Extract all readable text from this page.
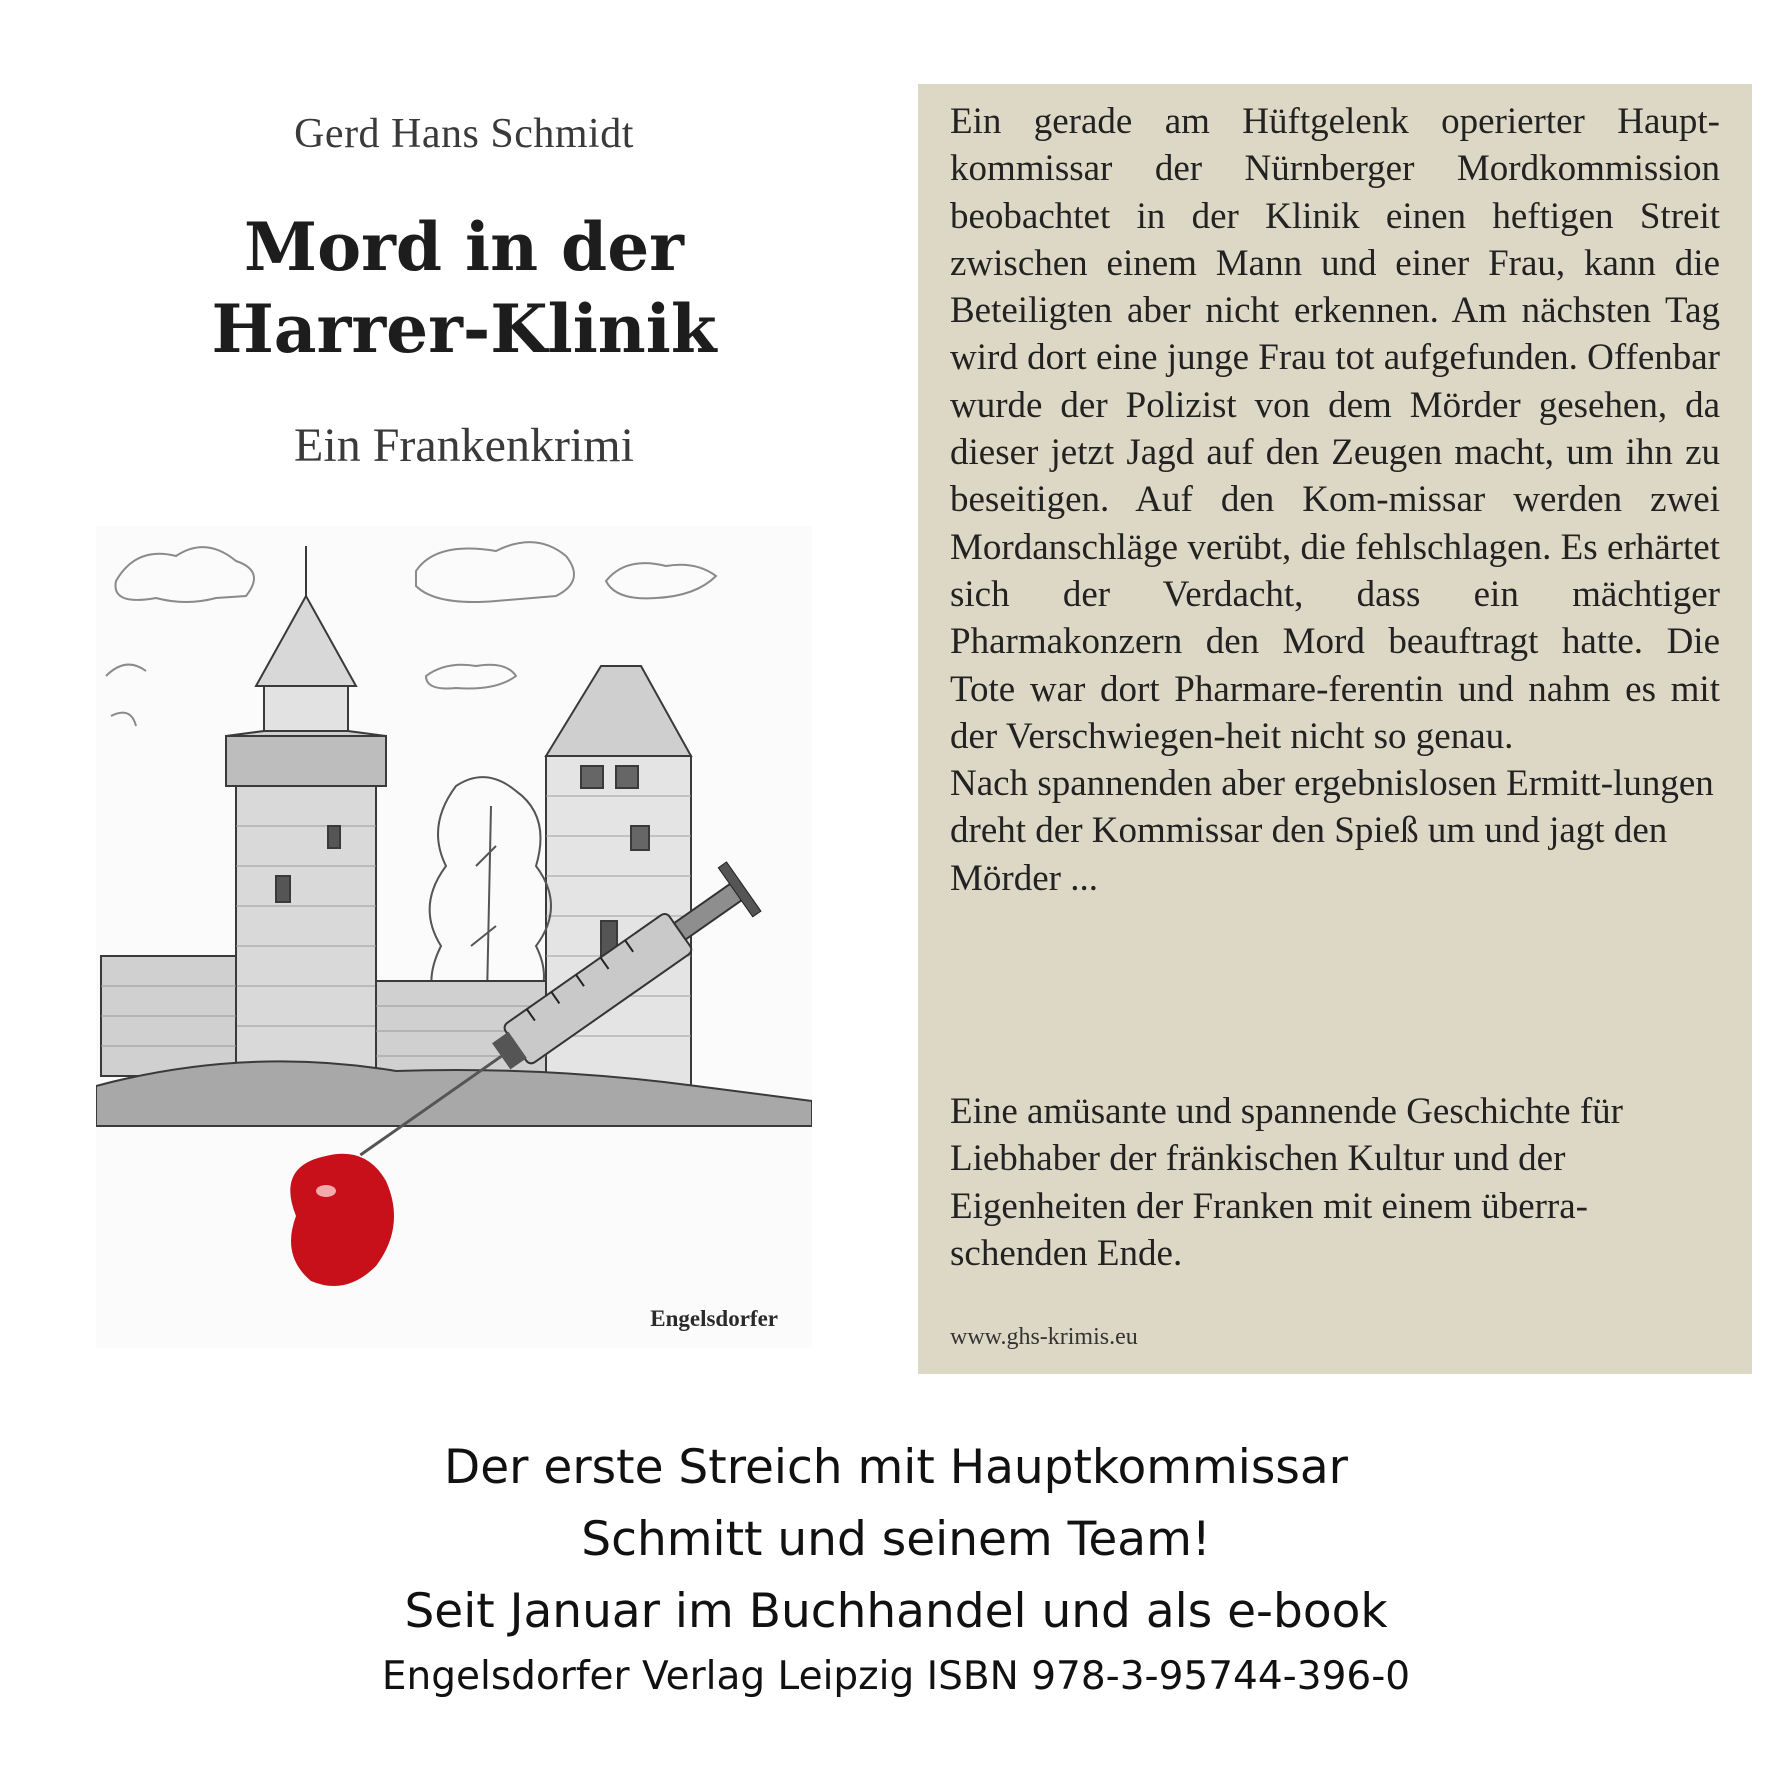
Gerd Hans Schmidt
Mord in der
Harrer-Klinik
Ein Frankenkrimi
Engelsdorfer
Ein gerade am Hüftgelenk operierter Haupt-kommissar der Nürnberger Mordkommission beobachtet in der Klinik einen heftigen Streit zwischen einem Mann und einer Frau, kann die Beteiligten aber nicht erkennen. Am nächsten Tag wird dort eine junge Frau tot aufgefunden. Offenbar wurde der Polizist von dem Mörder gesehen, da dieser jetzt Jagd auf den Zeugen macht, um ihn zu beseitigen. Auf den Kom-missar werden zwei Mordanschläge verübt, die fehlschlagen. Es erhärtet sich der Verdacht, dass ein mächtiger Pharmakonzern den Mord beauftragt hatte. Die Tote war dort Pharmare-ferentin und nahm es mit der Verschwiegen-heit nicht so genau.
Nach spannenden aber ergebnislosen Ermitt-lungen dreht der Kommissar den Spieß um und jagt den Mörder ...
Eine amüsante und spannende Geschichte für Liebhaber der fränkischen Kultur und der Eigenheiten der Franken mit einem überra-schenden Ende.
www.ghs-krimis.eu
Der erste Streich mit Hauptkommissar
Schmitt und seinem Team!
Seit Januar im Buchhandel und als e-book
Engelsdorfer Verlag Leipzig ISBN 978-3-95744-396-0
